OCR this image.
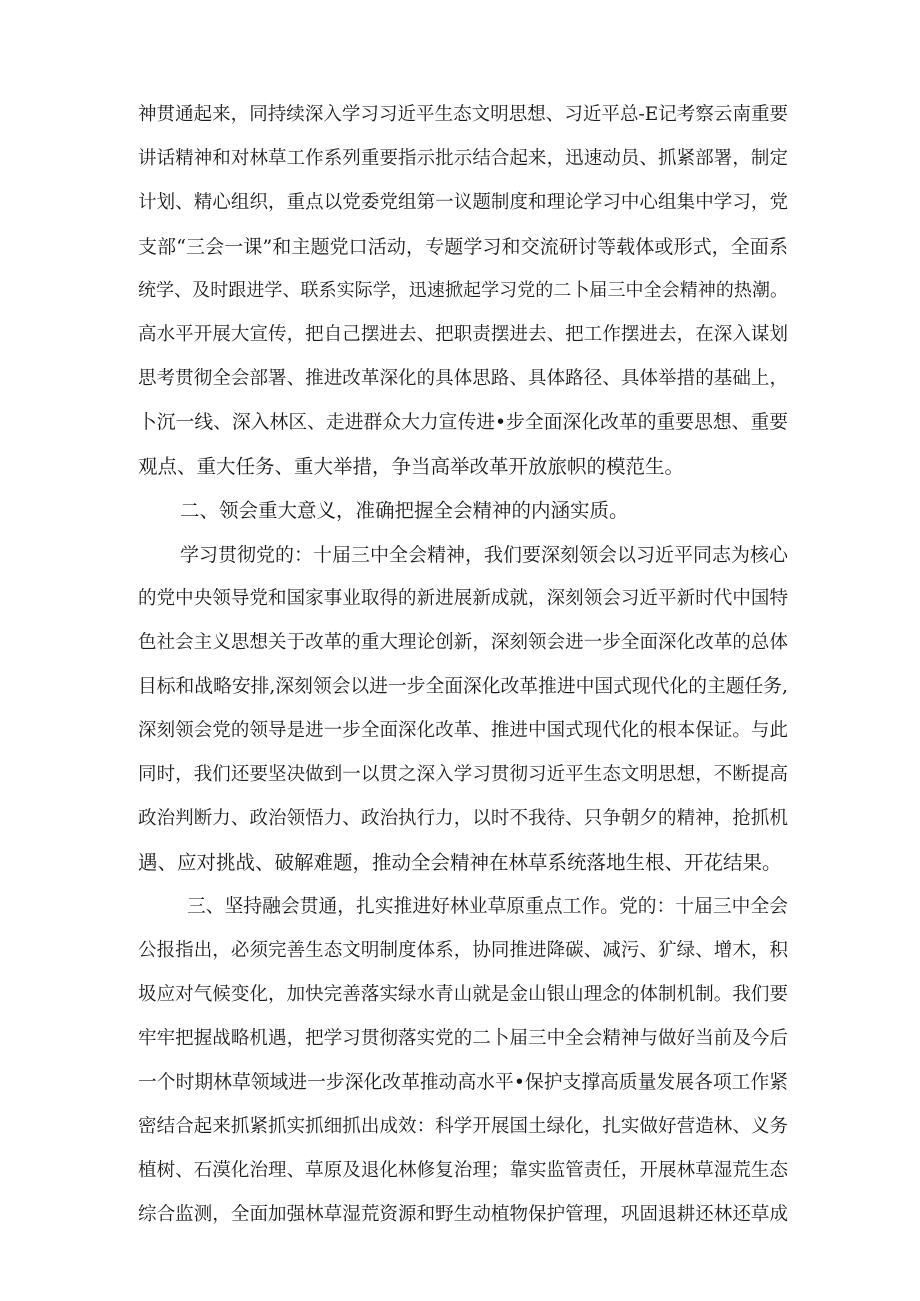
神贯通起来，同持续深入学习习近平生态文明思想、习近平总-E记考察云南重要
讲话精神和对林草工作系列重要指示批示结合起来，迅速动员、抓紧部署，制定
计划、精心组织，重点以党委党组第一议题制度和理论学习中心组集中学习，党
支部“三会一课”和主题党口活动，专题学习和交流研讨等载体或形式，全面系
统学、及时跟进学、联系实际学，迅速掀起学习党的二卜届三中全会精神的热潮。
高水平开展大宣传，把自己摆进去、把职责摆进去、把工作摆进去，在深入谋划
思考贯彻全会部署、推进改革深化的具体思路、具体路径、具体举措的基础上，
卜沉一线、深入林区、走进群众大力宣传进•步全面深化改革的重要思想、重要
观点、重大任务、重大举措，争当高举改革开放旅帜的模范生。
二、领会重大意义，准确把握全会精神的内涵实质。
学习贯彻党的：十届三中全会精神，我们要深刻领会以习近平同志为核心
的党中央领导党和国家事业取得的新进展新成就，深刻领会习近平新时代中国特
色社会主义思想关于改革的重大理论创新，深刻领会进一步全面深化改革的总体
目标和战略安排,深刻领会以进一步全面深化改革推进中国式现代化的主题任务,
深刻领会党的领导是进一步全面深化改革、推进中国式现代化的根本保证。与此
同时，我们还要坚决做到一以贯之深入学习贯彻习近平生态文明思想，不断提高
政治判断力、政治领悟力、政治执行力，以时不我待、只争朝夕的精神，抢抓机
遇、应对挑战、破解难题，推动全会精神在林草系统落地生根、开花结果。
三、坚持融会贯通，扎实推进好林业草原重点工作。党的：十届三中全会
公报指出，必须完善生态文明制度体系，协同推进降碳、减污、犷绿、增木，积
圾应对气候变化，加快完善落实绿水青山就是金山银山理念的体制机制。我们要
牢牢把握战略机遇，把学习贯彻落实党的二卜届三中全会精神与做好当前及今后
一个时期林草领域进一步深化改革推动高水平•保护支撑高质量发展各项工作紧
密结合起来抓紧抓实抓细抓出成效：科学开展国土绿化，扎实做好营造林、义务
植树、石漠化治理、草原及退化林修复治理；靠实监管责任，开展林草湿荒生态
综合监测，全面加强林草湿荒资源和野生动植物保护管理，巩固退耕还林还草成
